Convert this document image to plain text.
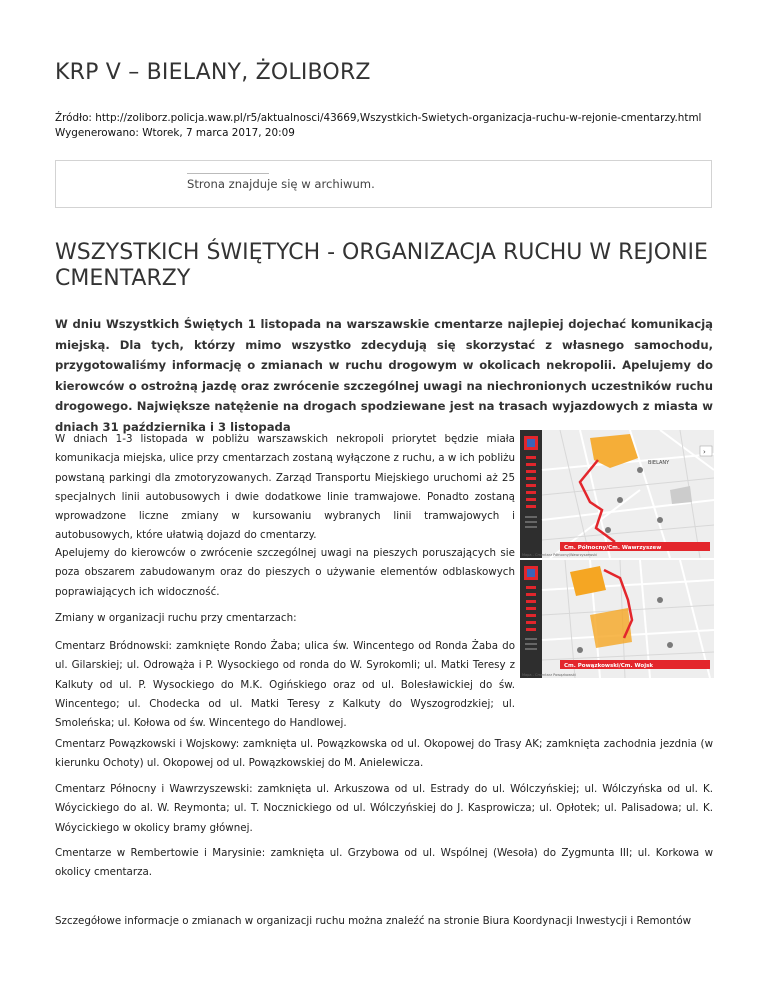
KRP V – BIELANY, ŻOLIBORZ
Źródło: http://zoliborz.policja.waw.pl/r5/aktualnosci/43669,Wszystkich-Swietych-organizacja-ruchu-w-rejonie-cmentarzy.html
Wygenerowano: Wtorek, 7 marca 2017, 20:09
Strona znajduje się w archiwum.
WSZYSTKICH ŚWIĘTYCH - ORGANIZACJA RUCHU W REJONIE CMENTARZY
W dniu Wszystkich Świętych 1 listopada na warszawskie cmentarze najlepiej dojechać komunikacją miejską. Dla tych, którzy mimo wszystko zdecydują się skorzystać z własnego samochodu, przygotowaliśmy informację o zmianach w ruchu drogowym w okolicach nekropolii. Apelujemy do kierowców o ostrożną jazdę oraz zwrócenie szczególnej uwagi na niechronionych uczestników ruchu drogowego. Największe natężenie na drogach spodziewane jest na trasach wyjazdowych z miasta w dniach 31 października i 3 listopada
W dniach 1-3 listopada w pobliżu warszawskich nekropoli priorytet będzie miała komunikacja miejska, ulice przy cmentarzach zostaną wyłączone z ruchu, a w ich pobliżu powstaną parkingi dla zmotoryzowanych. Zarząd Transportu Miejskiego uruchomi aż 25 specjalnych linii autobusowych i dwie dodatkowe linie tramwajowe. Ponadto zostaną wprowadzone liczne zmiany w kursowaniu wybranych linii tramwajowych i autobusowych, które ułatwią dojazd do cmentarzy.
Apelujemy do kierowców o zwrócenie szczególnej uwagi na pieszych poruszających sie poza obszarem zabudowanym oraz do pieszych o używanie elementów odblaskowych poprawiających ich widoczność.
Zmiany w organizacji ruchu przy cmentarzach:
Cmentarz Bródnowski: zamknięte Rondo Żaba; ulica św. Wincentego od Ronda Żaba do ul. Gilarskiej; ul. Odrowąża i P. Wysockiego od ronda do W. Syrokomli; ul. Matki Teresy z Kalkuty od ul. P. Wysockiego do M.K. Ogińskiego oraz od ul. Bolesławickiej do św. Wincentego; ul. Chodecka od ul. Matki Teresy z Kalkuty do Wyszogrodzkiej; ul. Smoleńska; ul. Kołowa od św. Wincentego do Handlowej.
Cmentarz Powązkowski i Wojskowy: zamknięta ul. Powązkowska od ul. Okopowej do Trasy AK; zamknięta zachodnia jezdnia (w kierunku Ochoty) ul. Okopowej od ul. Powązkowskiej do M. Anielewicza.
Cmentarz Północny i Wawrzyszewski: zamknięta ul. Arkuszowa od ul. Estrady do ul. Wólczyńskiej; ul. Wólczyńska od ul. K. Wóycickiego do al. W. Reymonta; ul. T. Nocznickiego od ul. Wólczyńskiej do J. Kasprowicza; ul. Opłotek; ul. Palisadowa; ul. K. Wóycickiego w okolicy bramy głównej.
Cmentarze w Rembertowie i Marysinie: zamknięta ul. Grzybowa od ul. Wspólnej (Wesoła) do Zygmunta III; ul. Korkowa w okolicy cmentarza.
Szczegółowe informacje o zmianach w organizacji ruchu można znaleźć na stronie Biura Koordynacji Inwestycji i Remontów
BIELANY
›
Cm. Północny/Cm. Wawrzyszew
Mapa - Cmentarz Północny/Wawrzyszewski
Cm. Powązkowski/Cm. Wojsk
Mapa - Cmentarz Powązkowski
